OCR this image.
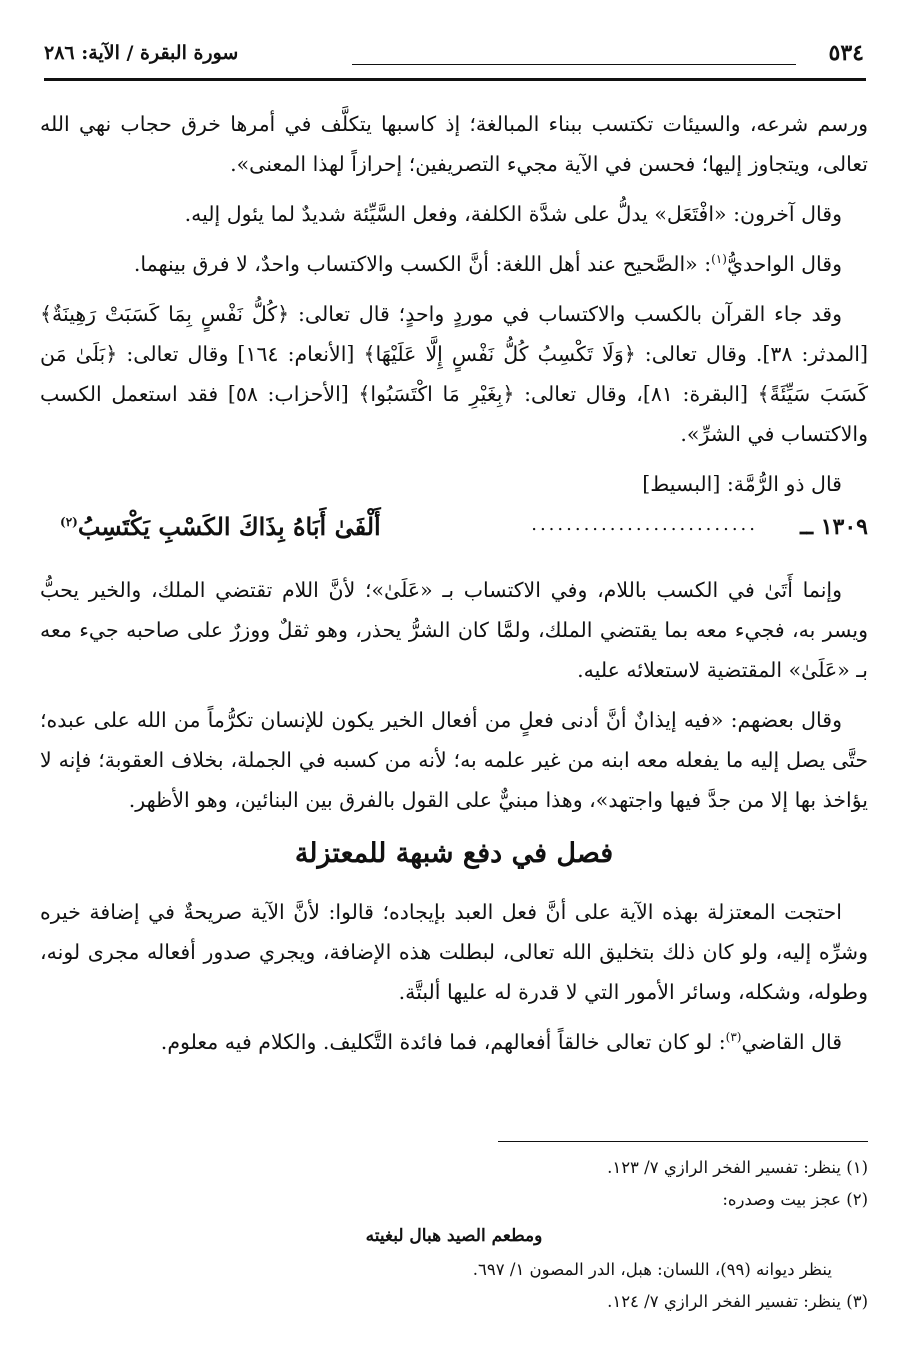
٥٣٤
سورة البقرة / الآية: ٢٨٦

ورسم شرعه، والسيئات تكتسب ببناء المبالغة؛ إذ كاسبها يتكلَّف في أمرها خرق حجاب نهي الله تعالى، ويتجاوز إليها؛ فحسن في الآية مجيء التصريفين؛ إحرازاً لهذا المعنى».

وقال آخرون: «افْتَعَل» يدلُّ على شدَّة الكلفة، وفعل السَّيِّئة شديدٌ لما يئول إليه.

وقال الواحديُّ$^{(١)}$: «الصَّحيح عند أهل اللغة: أنَّ الكسب والاكتساب واحدٌ، لا فرق بينهما.

وقد جاء القرآن بالكسب والاكتساب في موردٍ واحدٍ؛ قال تعالى: ﴿كُلُّ نَفْسٍ بِمَا كَسَبَتْ رَهِينَةٌ﴾ [المدثر: ٣٨]. وقال تعالى: ﴿وَلَا تَكْسِبُ كُلُّ نَفْسٍ إِلَّا عَلَيْهَا﴾ [الأنعام: ١٦٤] وقال تعالى: ﴿بَلَىٰ مَن كَسَبَ سَيِّئَةً﴾ [البقرة: ٨١]، وقال تعالى: ﴿بِغَيْرِ مَا اكْتَسَبُوا﴾ [الأحزاب: ٥٨] فقد استعمل الكسب والاكتساب في الشرِّ».

قال ذو الرُّمَّة: [البسيط]

١٣٠٩ ــ
..........................
أَلْفَىٰ أَبَاهُ بِذَاكَ الكَسْبِ يَكْتَسِبُ$^{(٢)}$

وإنما أَتَىٰ في الكسب باللام، وفي الاكتساب بـ «عَلَىٰ»؛ لأنَّ اللام تقتضي الملك، والخير يحبُّ ويسر به، فجيء معه بما يقتضي الملك، ولمَّا كان الشرُّ يحذر، وهو ثقلٌ ووزرٌ على صاحبه جيء معه بـ «عَلَىٰ» المقتضية لاستعلائه عليه.

وقال بعضهم: «فيه إيذانٌ أنَّ أدنى فعلٍ من أفعال الخير يكون للإنسان تكرُّماً من الله على عبده؛ حتَّى يصل إليه ما يفعله معه ابنه من غير علمه به؛ لأنه من كسبه في الجملة، بخلاف العقوبة؛ فإنه لا يؤاخذ بها إلا من جدَّ فيها واجتهد»، وهذا مبنيٌّ على القول بالفرق بين البنائين، وهو الأظهر.

فصل في دفع شبهة للمعتزلة

احتجت المعتزلة بهذه الآية على أنَّ فعل العبد بإيجاده؛ قالوا: لأنَّ الآية صريحةٌ في إضافة خيره وشرِّه إليه، ولو كان ذلك بتخليق الله تعالى، لبطلت هذه الإضافة، ويجري صدور أفعاله مجرى لونه، وطوله، وشكله، وسائر الأمور التي لا قدرة له عليها ألبتَّة.

قال القاضي$^{(٣)}$: لو كان تعالى خالقاً أفعالهم، فما فائدة التَّكليف. والكلام فيه معلوم.

(١) ينظر: تفسير الفخر الرازي ٧/ ١٢٣.
(٢) عجز بيت وصدره:
ومطعم الصيد هبال لبغيته
ينظر ديوانه (٩٩)، اللسان: هبل، الدر المصون ١/ ٦٩٧.
(٣) ينظر: تفسير الفخر الرازي ٧/ ١٢٤.
